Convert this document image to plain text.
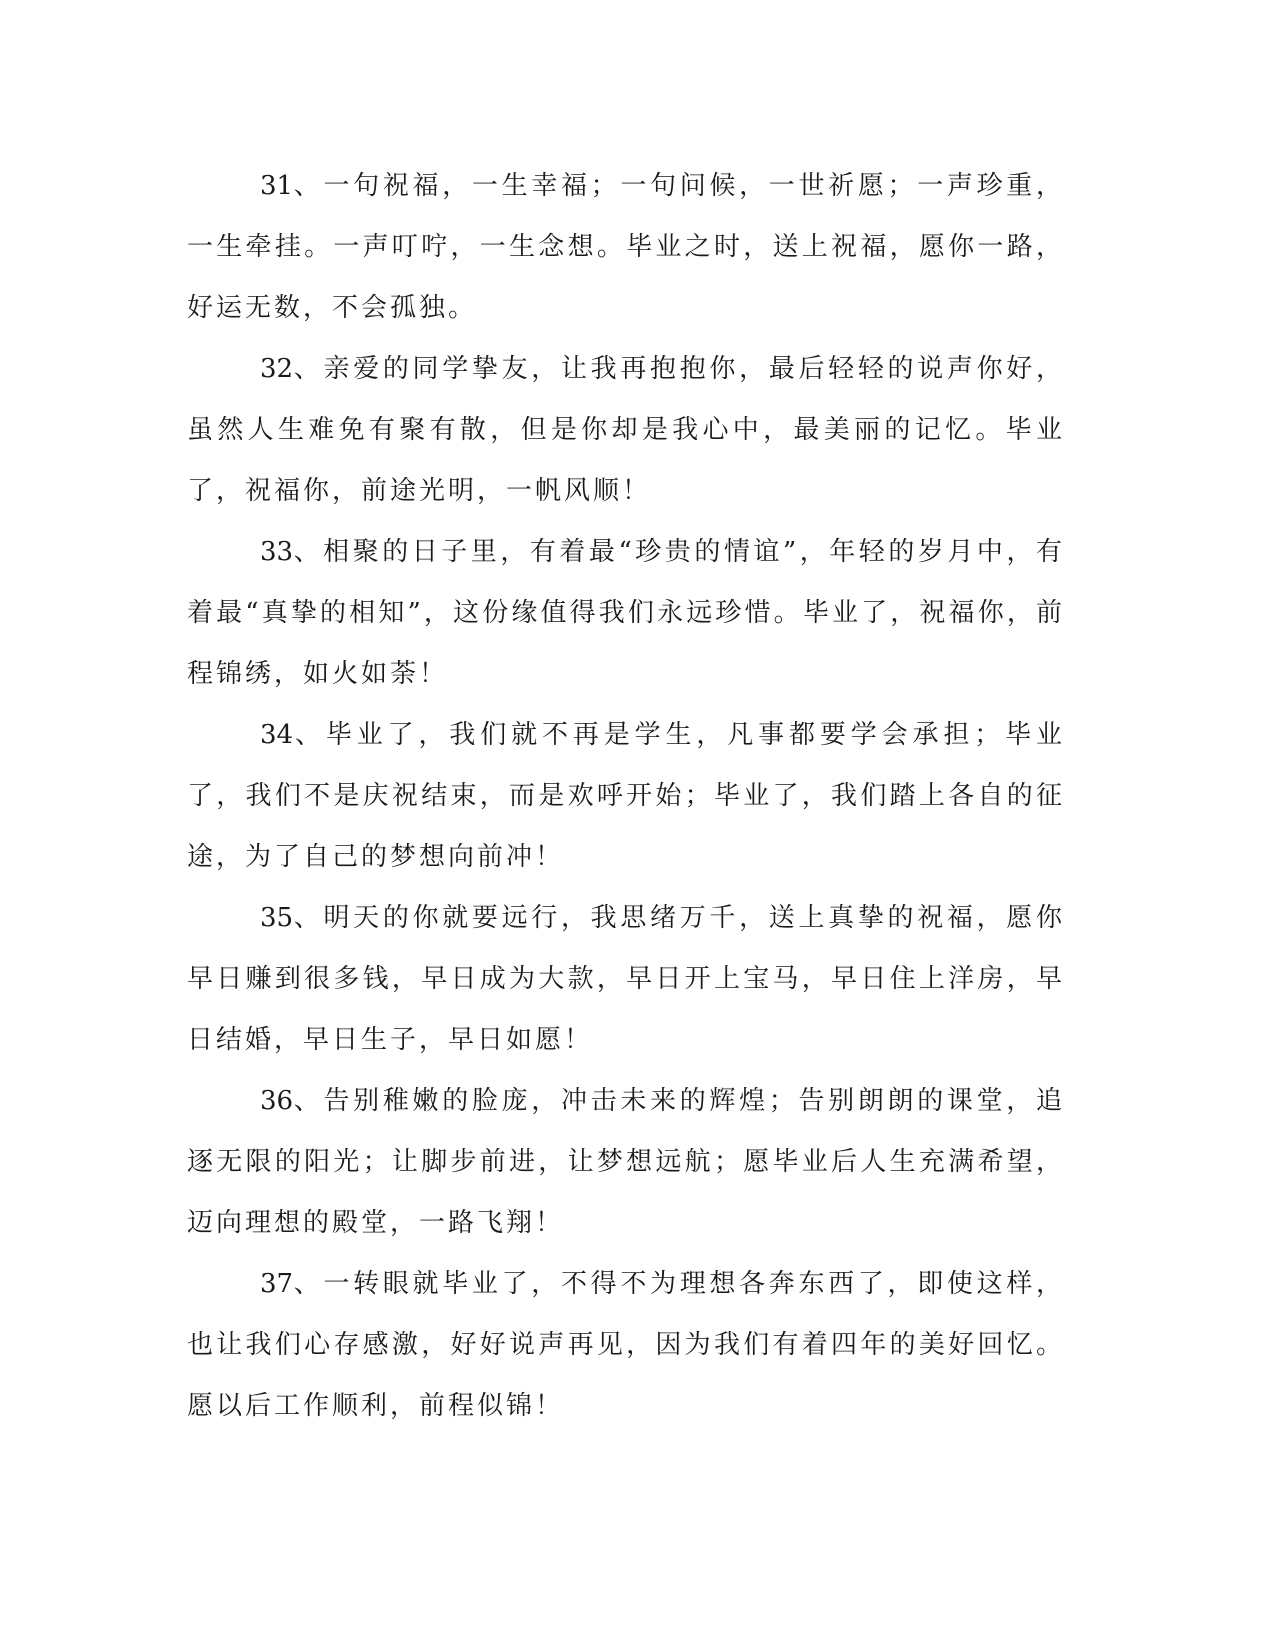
31、一句祝福，一生幸福；一句问候，一世祈愿；一声珍重，一生牵挂。一声叮咛，一生念想。毕业之时，送上祝福，愿你一路，好运无数，不会孤独。

32、亲爱的同学挚友，让我再抱抱你，最后轻轻的说声你好，虽然人生难免有聚有散，但是你却是我心中，最美丽的记忆。毕业了，祝福你，前途光明，一帆风顺！

33、相聚的日子里，有着最“珍贵的情谊”，年轻的岁月中，有着最“真挚的相知”，这份缘值得我们永远珍惜。毕业了，祝福你，前程锦绣，如火如荼！

34、毕业了，我们就不再是学生，凡事都要学会承担；毕业了，我们不是庆祝结束，而是欢呼开始；毕业了，我们踏上各自的征途，为了自己的梦想向前冲！

35、明天的你就要远行，我思绪万千，送上真挚的祝福，愿你早日赚到很多钱，早日成为大款，早日开上宝马，早日住上洋房，早日结婚，早日生子，早日如愿！

36、告别稚嫩的脸庞，冲击未来的辉煌；告别朗朗的课堂，追逐无限的阳光；让脚步前进，让梦想远航；愿毕业后人生充满希望，迈向理想的殿堂，一路飞翔！

37、一转眼就毕业了，不得不为理想各奔东西了，即使这样，也让我们心存感激，好好说声再见，因为我们有着四年的美好回忆。愿以后工作顺利，前程似锦！
